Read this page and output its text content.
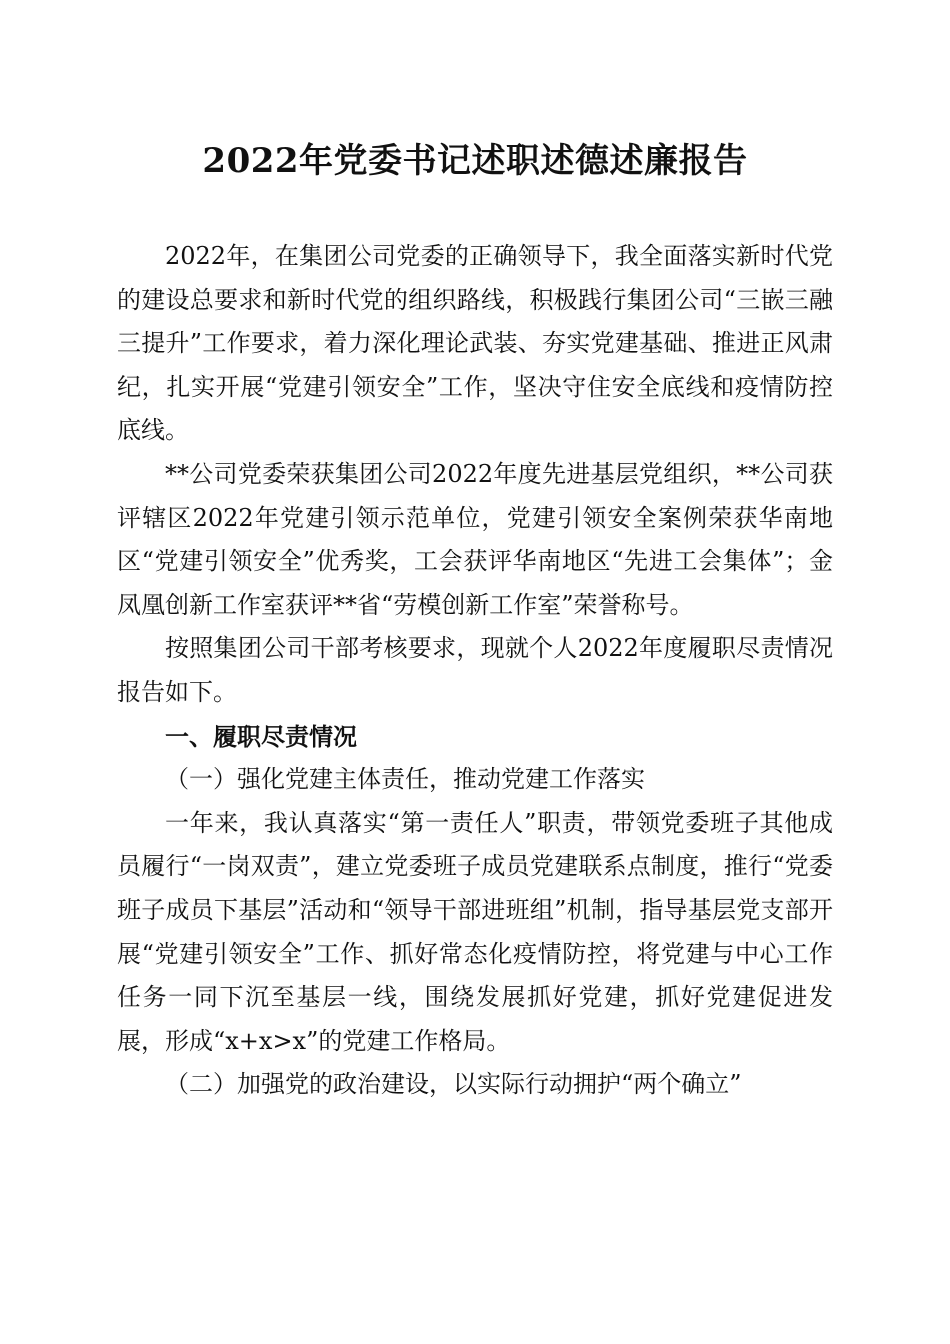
2022年党委书记述职述德述廉报告

2022年，在集团公司党委的正确领导下，我全面落实新时代党的建设总要求和新时代党的组织路线，积极践行集团公司“三嵌三融三提升”工作要求，着力深化理论武装、夯实党建基础、推进正风肃纪，扎实开展“党建引领安全”工作，坚决守住安全底线和疫情防控底线。

**公司党委荣获集团公司2022年度先进基层党组织，**公司获评辖区2022年党建引领示范单位，党建引领安全案例荣获华南地区“党建引领安全”优秀奖，工会获评华南地区“先进工会集体”；金凤凰创新工作室获评**省“劳模创新工作室”荣誉称号。

按照集团公司干部考核要求，现就个人2022年度履职尽责情况报告如下。

一、履职尽责情况

（一）强化党建主体责任，推动党建工作落实

一年来，我认真落实“第一责任人”职责，带领党委班子其他成员履行“一岗双责”，建立党委班子成员党建联系点制度，推行“党委班子成员下基层”活动和“领导干部进班组”机制，指导基层党支部开展“党建引领安全”工作、抓好常态化疫情防控，将党建与中心工作任务一同下沉至基层一线，围绕发展抓好党建，抓好党建促进发展，形成“x+x>x”的党建工作格局。

（二）加强党的政治建设，以实际行动拥护“两个确立”
